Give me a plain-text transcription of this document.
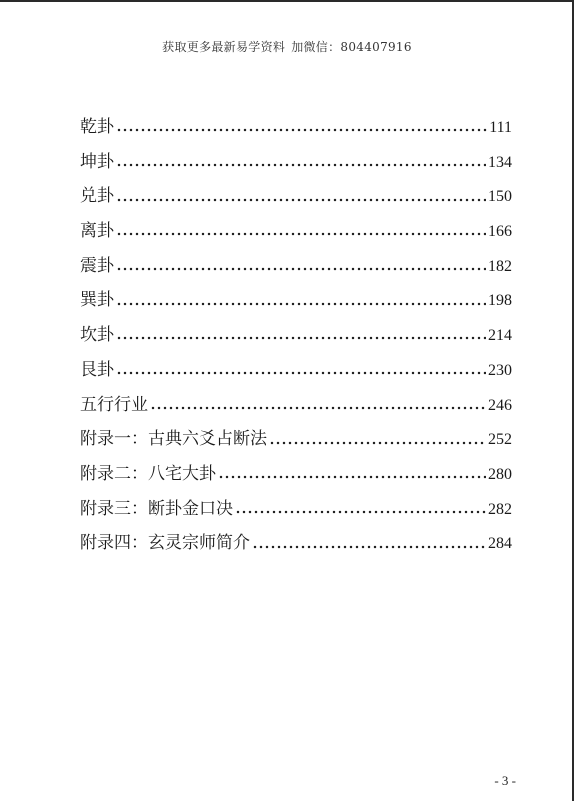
获取更多最新易学资料 加微信：804407916
乾卦	111
坤卦	134
兑卦	150
离卦	166
震卦	182
巽卦	198
坎卦	214
艮卦	230
五行行业	246
附录一：古典六爻占断法	252
附录二：八宅大卦	280
附录三：断卦金口决	282
附录四：玄灵宗师简介	284
- 3 -
